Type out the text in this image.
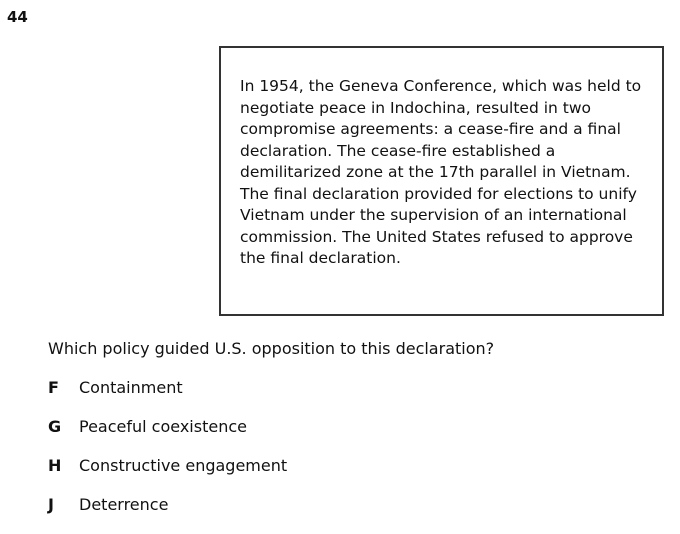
44

In 1954, the Geneva Conference, which was held to negotiate peace in Indochina, resulted in two compromise agreements: a cease-fire and a final declaration. The cease-fire established a demilitarized zone at the 17th parallel in Vietnam. The final declaration provided for elections to unify Vietnam under the supervision of an international commission. The United States refused to approve the final declaration.

Which policy guided U.S. opposition to this declaration?

F	Containment
G	Peaceful coexistence
H	Constructive engagement
J	Deterrence
